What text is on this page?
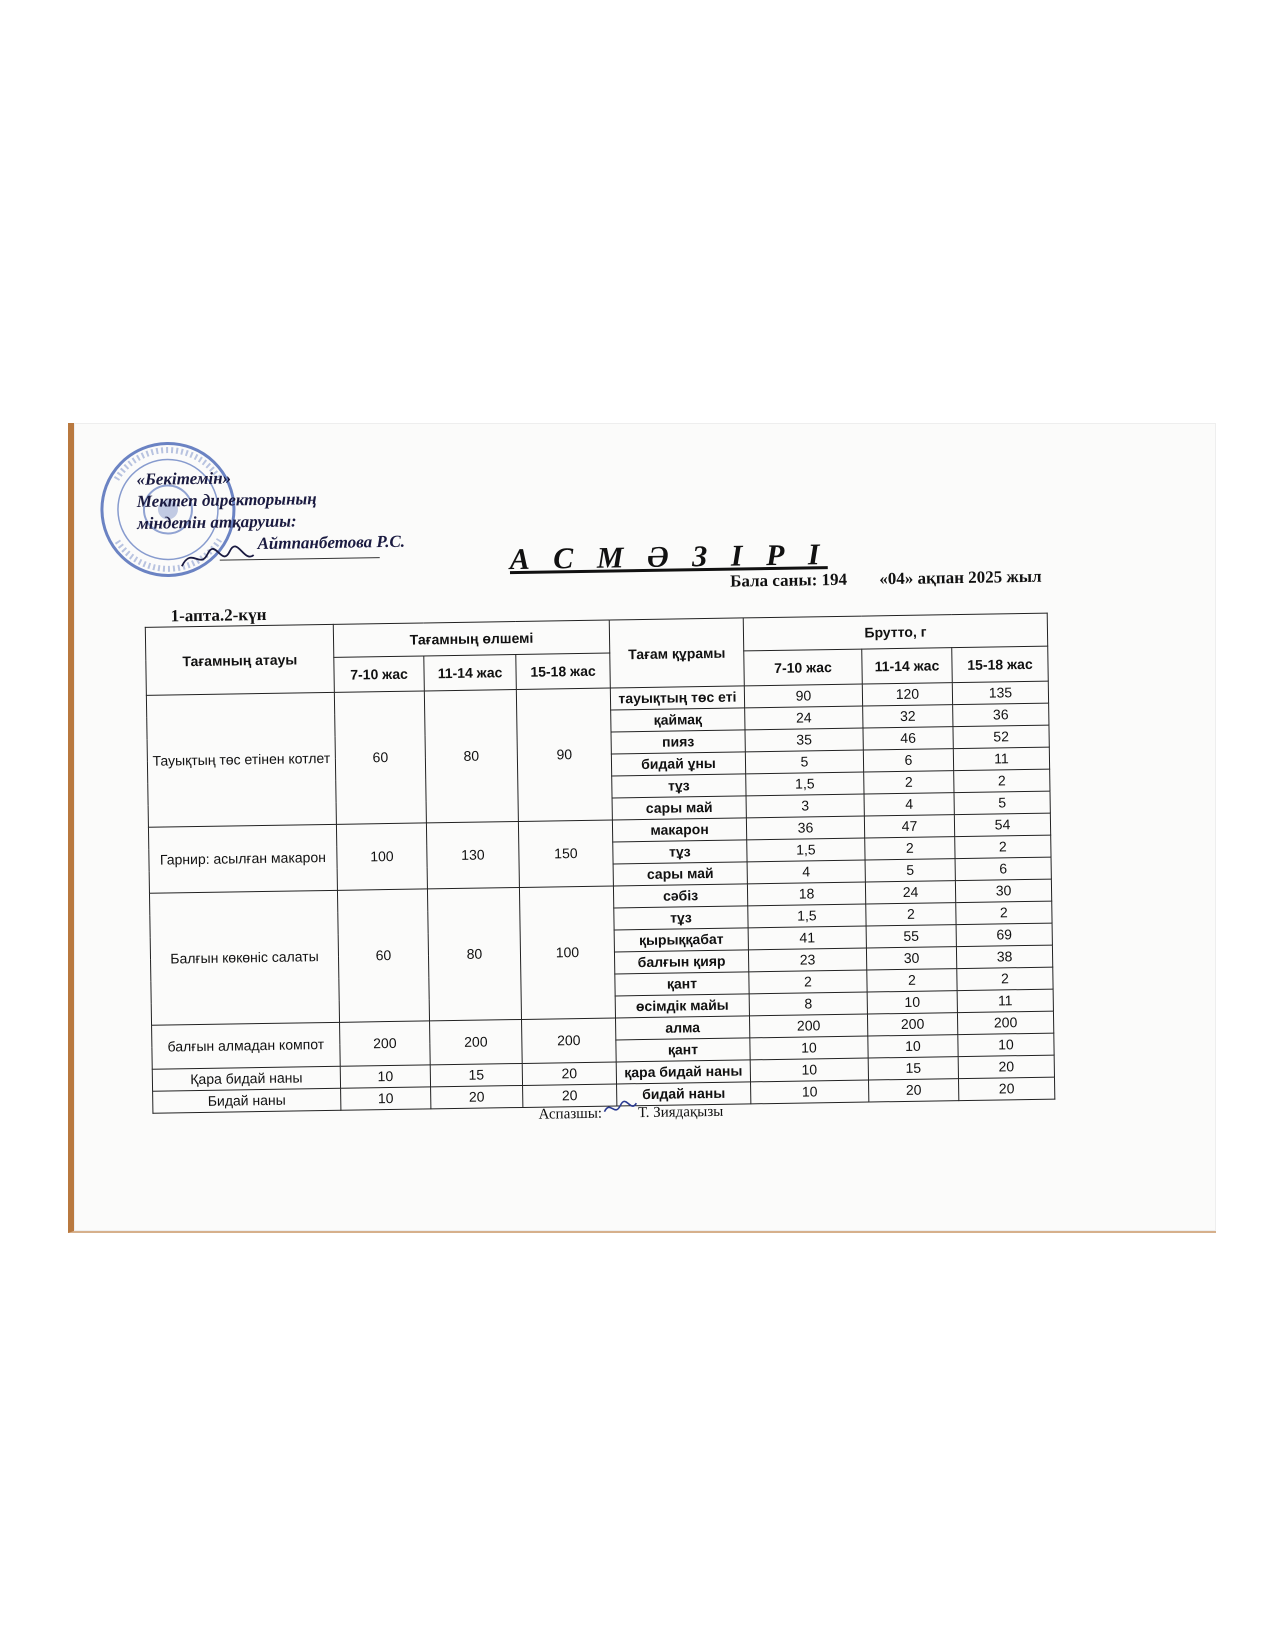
«Бекітемін»
Мектеп директорының
міндетін атқарушы:
Айтпанбетова Р.С.	А С М Ә З І Р І
Бала саны: 194 «04» ақпан 2025 жыл
1-апта.2-күн
Тағамның атауы	Тағамның өлшемі			Тағам құрамы	Брутто, г		
	7-10 жас	11-14 жас	15-18 жас		7-10 жас	11-14 жас	15-18 жас
Тауықтың төс етінен котлет	60	80	90	тауықтың төс еті	90	120	135
				қаймақ	24	32	36
				пияз	35	46	52
				бидай ұны	5	6	11
				тұз	1,5	2	2
				сары май	3	4	5
Гарнир: асылған макарон	100	130	150	макарон	36	47	54
				тұз	1,5	2	2
				сары май	4	5	6
Балғын көкөніс салаты	60	80	100	сәбіз	18	24	30
				тұз	1,5	2	2
				қырыққабат	41	55	69
				балғын қияр	23	30	38
				қант	2	2	2
				өсімдік майы	8	10	11
балғын алмадан компот	200	200	200	алма	200	200	200
				қант	10	10	10
Қара бидай наны	10	15	20	қара бидай наны	10	15	20
Бидай наны	10	20	20	бидай наны	10	20	20
Аспазшы: Т. Зиядақызы
